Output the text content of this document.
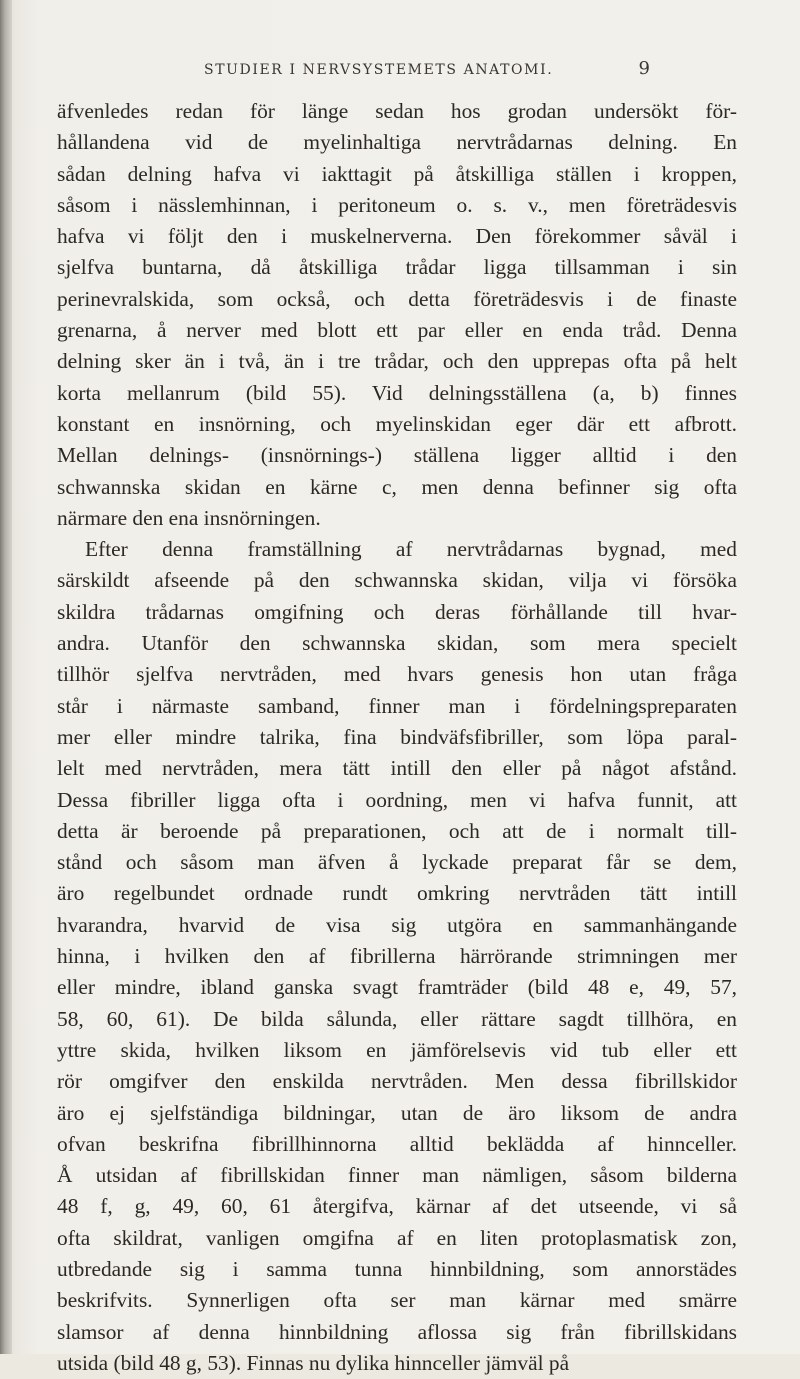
STUDIER I NERVSYSTEMETS ANATOMI.	9
äfvenledes redan för länge sedan hos grodan undersökt för-
hållandena vid de myelinhaltiga nervtrådarnas delning. En
sådan delning hafva vi iakttagit på åtskilliga ställen i kroppen,
såsom i nässlemhinnan, i peritoneum o. s. v., men företrädesvis
hafva vi följt den i muskelnerverna. Den förekommer såväl i
sjelfva buntarna, då åtskilliga trådar ligga tillsamman i sin
perinevralskida, som också, och detta företrädesvis i de finaste
grenarna, å nerver med blott ett par eller en enda tråd. Denna
delning sker än i två, än i tre trådar, och den upprepas ofta på helt
korta mellanrum (bild 55). Vid delningsställena (a, b) finnes
konstant en insnörning, och myelinskidan eger där ett afbrott.
Mellan delnings- (insnörnings-) ställena ligger alltid i den
schwannska skidan en kärne c, men denna befinner sig ofta
närmare den ena insnörningen.
Efter denna framställning af nervtrådarnas bygnad, med
särskildt afseende på den schwannska skidan, vilja vi försöka
skildra trådarnas omgifning och deras förhållande till hvar-
andra. Utanför den schwannska skidan, som mera specielt
tillhör sjelfva nervtråden, med hvars genesis hon utan fråga
står i närmaste samband, finner man i fördelningspreparaten
mer eller mindre talrika, fina bindväfsfibriller, som löpa paral-
lelt med nervtråden, mera tätt intill den eller på något afstånd.
Dessa fibriller ligga ofta i oordning, men vi hafva funnit, att
detta är beroende på preparationen, och att de i normalt till-
stånd och såsom man äfven å lyckade preparat får se dem,
äro regelbundet ordnade rundt omkring nervtråden tätt intill
hvarandra, hvarvid de visa sig utgöra en sammanhängande
hinna, i hvilken den af fibrillerna härrörande strimningen mer
eller mindre, ibland ganska svagt framträder (bild 48 e, 49, 57,
58, 60, 61). De bilda sålunda, eller rättare sagdt tillhöra, en
yttre skida, hvilken liksom en jämförelsevis vid tub eller ett
rör omgifver den enskilda nervtråden. Men dessa fibrillskidor
äro ej sjelfständiga bildningar, utan de äro liksom de andra
ofvan beskrifna fibrillhinnorna alltid beklädda af hinnceller.
Å utsidan af fibrillskidan finner man nämligen, såsom bilderna
48 f, g, 49, 60, 61 återgifva, kärnar af det utseende, vi så
ofta skildrat, vanligen omgifna af en liten protoplasmatisk zon,
utbredande sig i samma tunna hinnbildning, som annorstädes
beskrifvits. Synnerligen ofta ser man kärnar med smärre
slamsor af denna hinnbildning aflossa sig från fibrillskidans
utsida (bild 48 g, 53). Finnas nu dylika hinnceller jämväl på
